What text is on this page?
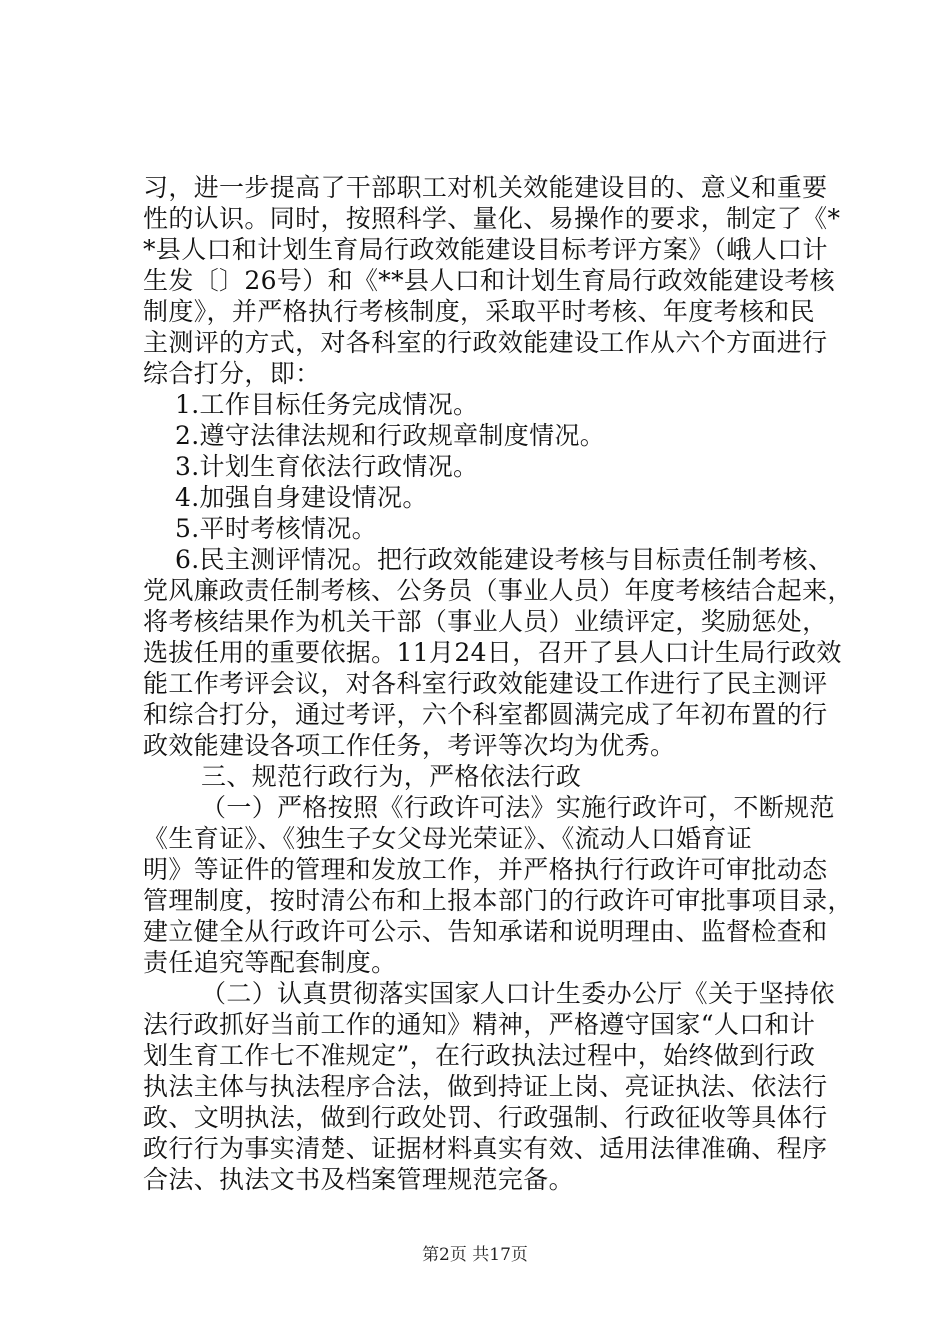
习，进一步提高了干部职工对机关效能建设目的、意义和重要
性的认识。同时，按照科学、量化、易操作的要求，制定了《*
*县人口和计划生育局行政效能建设目标考评方案》（峨人口计
生发〔〕26号）和《**县人口和计划生育局行政效能建设考核
制度》，并严格执行考核制度，采取平时考核、年度考核和民
主测评的方式，对各科室的行政效能建设工作从六个方面进行
综合打分，即：
1.工作目标任务完成情况。
2.遵守法律法规和行政规章制度情况。
3.计划生育依法行政情况。
4.加强自身建设情况。
5.平时考核情况。
6.民主测评情况。把行政效能建设考核与目标责任制考核、
党风廉政责任制考核、公务员（事业人员）年度考核结合起来，
将考核结果作为机关干部（事业人员）业绩评定，奖励惩处，
选拔任用的重要依据。11月24日，召开了县人口计生局行政效
能工作考评会议，对各科室行政效能建设工作进行了民主测评
和综合打分，通过考评，六个科室都圆满完成了年初布置的行
政效能建设各项工作任务，考评等次均为优秀。
三、规范行政行为，严格依法行政
（一）严格按照《行政许可法》实施行政许可，不断规范
《生育证》、《独生子女父母光荣证》、《流动人口婚育证
明》等证件的管理和发放工作，并严格执行行政许可审批动态
管理制度，按时清公布和上报本部门的行政许可审批事项目录，
建立健全从行政许可公示、告知承诺和说明理由、监督检查和
责任追究等配套制度。
（二）认真贯彻落实国家人口计生委办公厅《关于坚持依
法行政抓好当前工作的通知》精神，严格遵守国家“人口和计
划生育工作七不准规定”，在行政执法过程中，始终做到行政
执法主体与执法程序合法，做到持证上岗、亮证执法、依法行
政、文明执法，做到行政处罚、行政强制、行政征收等具体行
政行行为事实清楚、证据材料真实有效、适用法律准确、程序
合法、执法文书及档案管理规范完备。
第2页 共17页
